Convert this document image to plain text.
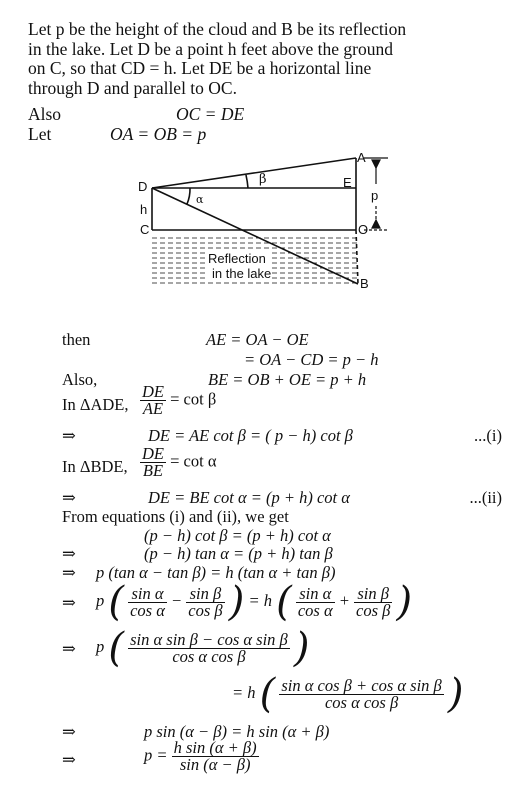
Let p be the height of the cloud and B be its reflection
in the lake. Let D be a point h feet above the ground
on C, so that CD = h. Let DE be a horizontal line
through D and parallel to OC.
Also	OC = DE
Let	OA = OB = p
D
h
C
A
E
O
B
p
β
α
Reflection
in the lake
then	AE = OA − OE
= OA − CD = p − h
Also,	BE = OB + OE = p + h
In ΔADE, $\frac{DE}{AE} = \cot \beta$
⇒	DE = AE cot β = ( p − h) cot β	...(i)
In ΔBDE, $\frac{DE}{BE} = \cot \alpha$
⇒	DE = BE cot α = (p + h) cot α	...(ii)
From equations (i) and (ii), we get
(p − h) cot β = (p + h) cot α
⇒	(p − h) tan α = (p + h) tan β
⇒ p (tan α − tan β) = h (tan α + tan β)
⇒ p ( $\frac{\text{sin α}}{\text{cos α}} - \frac{\text{sin β}}{\text{cos β}}$ ) = h ( $\frac{\text{sin α}}{\text{cos α}} + \frac{\text{sin β}}{\text{cos β}}$ )
⇒ p ( $\frac{\text{sin α sin β − cos α sin β}}{\text{cos α cos β}}$ )
= h ( $\frac{\text{sin α cos β + cos α sin β}}{\text{cos α cos β}}$ )
⇒	p sin (α − β) = h sin (α + β)
⇒	$p = \frac{\text{h sin (α + β)}}{\sin (\alpha - \beta)}$
